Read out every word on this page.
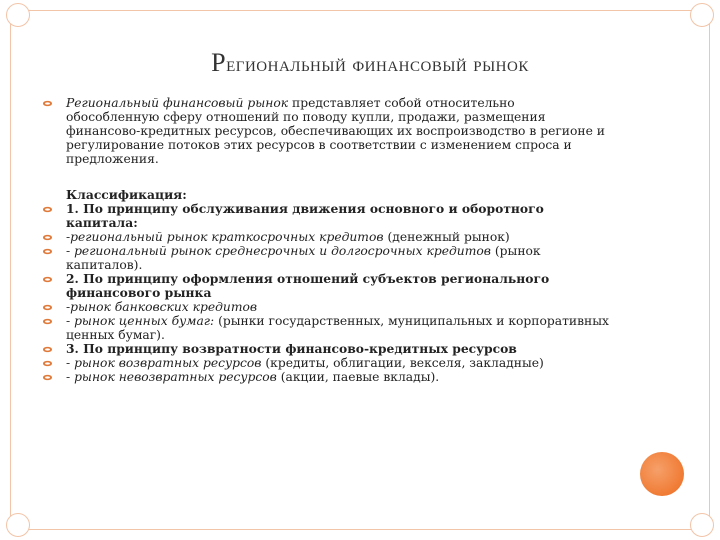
Региональный финансовый рынок
Региональный финансовый рынок представляет собой относительно обособленную сферу отношений по поводу купли, продажи, размещения финансово-кредитных ресурсов, обеспечивающих их воспроизводство в регионе и регулирование потоков этих ресурсов в соответствии с изменением спроса и предложения.
Классификация:
1. По принципу обслуживания движения основного и оборотного капитала:
-региональный рынок краткосрочных кредитов (денежный рынок)
- региональный рынок среднесрочных и долгосрочных кредитов (рынок капиталов).
2. По принципу оформления отношений субъектов регионального финансового рынка
-рынок банковских кредитов
- рынок ценных бумаг: (рынки государственных, муниципальных и корпоративных ценных бумаг).
3. По принципу возвратности финансово-кредитных ресурсов
- рынок возвратных ресурсов (кредиты, облигации, векселя, закладные)
- рынок невозвратных ресурсов (акции, паевые вклады).
